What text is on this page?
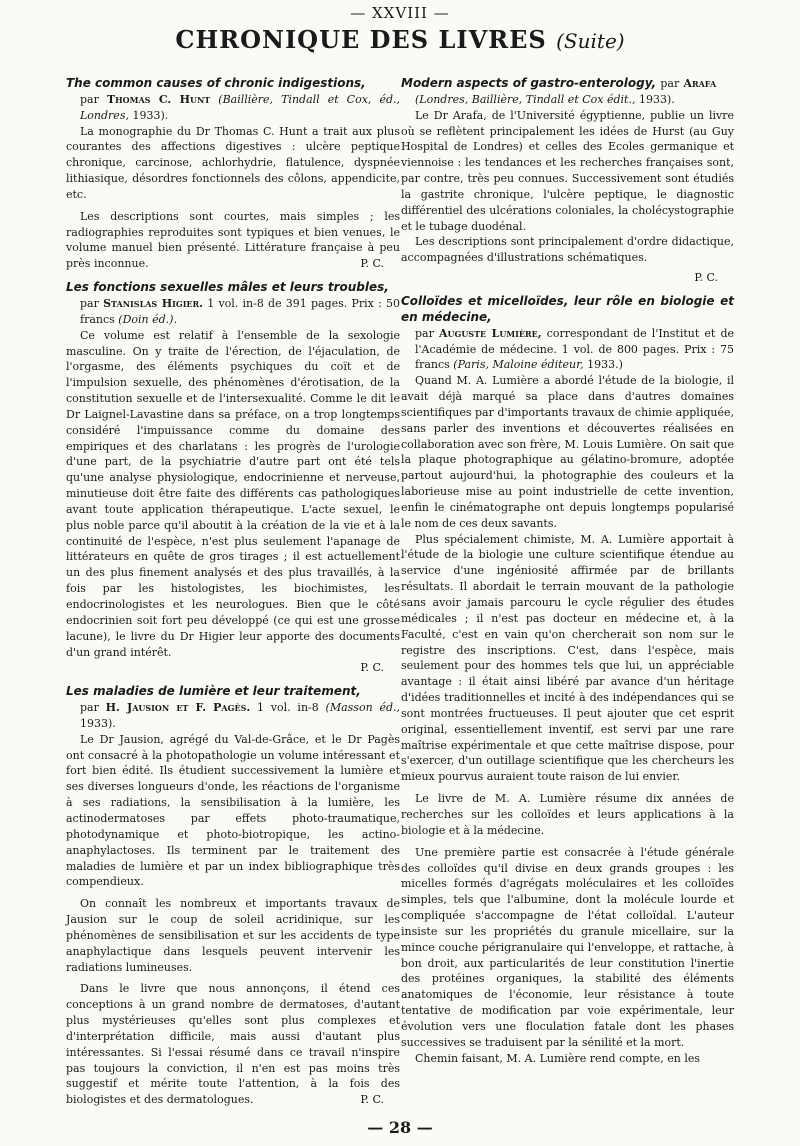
— XXVIII —
CHRONIQUE DES LIVRES (Suite)
The common causes of chronic indigestions,
par Thomas C. Hunt (Baillière, Tindall et Cox, éd., Londres, 1933).

La monographie du Dr Thomas C. Hunt a trait aux plus courantes des affections digestives : ulcère peptique chronique, carcinose, achlorhydrie, flatulence, dyspnée lithiasique, désordres fonctionnels des côlons, appendicite, etc.

Les descriptions sont courtes, mais simples ; les radiographies reproduites sont typiques et bien venues, le volume manuel bien présenté. Littérature française à peu près inconnue.	P. C.

Les fonctions sexuelles mâles et leurs troubles,
par Stanislas Higier. 1 vol. in-8 de 391 pages. Prix : 50 francs (Doin éd.).

Ce volume est relatif à l'ensemble de la sexologie masculine. On y traite de l'érection, de l'éjaculation, de l'orgasme, des éléments psychiques du coït et de l'impulsion sexuelle, des phénomènes d'érotisation, de la constitution sexuelle et de l'intersexualité. Comme le dit le Dr Laignel-Lavastine dans sa préface, on a trop longtemps considéré l'impuissance comme du domaine des empiriques et des charlatans : les progrès de l'urologie d'une part, de la psychiatrie d'autre part ont été tels qu'une analyse physiologique, endocrinienne et nerveuse, minutieuse doit être faite des différents cas pathologiques avant toute application thérapeutique. L'acte sexuel, le plus noble parce qu'il aboutit à la création de la vie et à la continuité de l'espèce, n'est plus seulement l'apanage de littérateurs en quête de gros tirages ; il est actuellement un des plus finement analysés et des plus travaillés, à la fois par les histologistes, les biochimistes, les endocrinologistes et les neurologues. Bien que le côté endocrinien soit fort peu développé (ce qui est une grosse lacune), le livre du Dr Higier leur apporte des documents d'un grand intérêt.

P. C.
Les maladies de lumière et leur traitement,
par H. Jausion et F. Pagès. 1 vol. in-8 (Masson éd., 1933).

Le Dr Jausion, agrégé du Val-de-Grâce, et le Dr Pagès ont consacré à la photopathologie un volume intéressant et fort bien édité. Ils étudient successivement la lumière et ses diverses longueurs d'onde, les réactions de l'organisme à ses radiations, la sensibilisation à la lumière, les actinodermatoses par effets photo-traumatique, photodynamique et photo-biotropique, les actino-anaphylactoses. Ils terminent par le traitement des maladies de lumière et par un index bibliographique très compendieux.

On connaît les nombreux et importants travaux de Jausion sur le coup de soleil acridinique, sur les phénomènes de sensibilisation et sur les accidents de type anaphylactique dans lesquels peuvent intervenir les radiations lumineuses.

Dans le livre que nous annonçons, il étend ces conceptions à un grand nombre de dermatoses, d'autant plus mystérieuses qu'elles sont plus complexes et d'interprétation difficile, mais aussi d'autant plus intéressantes. Si l'essai résumé dans ce travail n'inspire pas toujours la conviction, il n'en est pas moins très suggestif et mérite toute l'attention, à la fois des biologistes et des dermatologues.	P. C.

Modern aspects of gastro-enterology, par Arafa
(Londres, Baillière, Tindall et Cox édit., 1933).

Le Dr Arafa, de l'Université égyptienne, publie un livre où se reflètent principalement les idées de Hurst (au Guy Hospital de Londres) et celles des Ecoles germanique et viennoise : les tendances et les recherches françaises sont, par contre, très peu connues. Successivement sont étudiés la gastrite chronique, l'ulcère peptique, le diagnostic différentiel des ulcérations coloniales, la cholécystographie et le tubage duodénal.

Les descriptions sont principalement d'ordre didactique, accompagnées d'illustrations schématiques.

P. C.
Colloïdes et micelloïdes, leur rôle en biologie et en médecine,
par Auguste Lumière, correspondant de l'Institut et de l'Académie de médecine. 1 vol. de 800 pages. Prix : 75 francs (Paris, Maloine éditeur, 1933.)

Quand M. A. Lumière a abordé l'étude de la biologie, il avait déjà marqué sa place dans d'autres domaines scientifiques par d'importants travaux de chimie appliquée, sans parler des inventions et découvertes réalisées en collaboration avec son frère, M. Louis Lumière. On sait que la plaque photographique au gélatino-bromure, adoptée partout aujourd'hui, la photographie des couleurs et la laborieuse mise au point industrielle de cette invention, enfin le cinématographe ont depuis longtemps popularisé le nom de ces deux savants.

Plus spécialement chimiste, M. A. Lumière apportait à l'étude de la biologie une culture scientifique étendue au service d'une ingéniosité affirmée par de brillants résultats. Il abordait le terrain mouvant de la pathologie sans avoir jamais parcouru le cycle régulier des études médicales ; il n'est pas docteur en médecine et, à la Faculté, c'est en vain qu'on chercherait son nom sur le registre des inscriptions. C'est, dans l'espèce, mais seulement pour des hommes tels que lui, un appréciable avantage : il était ainsi libéré par avance d'un héritage d'idées traditionnelles et incité à des indépendances qui se sont montrées fructueuses. Il peut ajouter que cet esprit original, essentiellement inventif, est servi par une rare maîtrise expérimentale et que cette maîtrise dispose, pour s'exercer, d'un outillage scientifique que les chercheurs les mieux pourvus auraient toute raison de lui envier.

Le livre de M. A. Lumière résume dix années de recherches sur les colloïdes et leurs applications à la biologie et à la médecine.

Une première partie est consacrée à l'étude générale des colloïdes qu'il divise en deux grands groupes : les micelles formés d'agrégats moléculaires et les colloïdes simples, tels que l'albumine, dont la molécule lourde et compliquée s'accompagne de l'état colloïdal. L'auteur insiste sur les propriétés du granule micellaire, sur la mince couche périgranulaire qui l'enveloppe, et rattache, à bon droit, aux particularités de leur constitution l'inertie des protéines organiques, la stabilité des éléments anatomiques de l'économie, leur résistance à toute tentative de modification par voie expérimentale, leur évolution vers une floculation fatale dont les phases successives se traduisent par la sénilité et la mort.

Chemin faisant, M. A. Lumière rend compte, en les

— 28 —
